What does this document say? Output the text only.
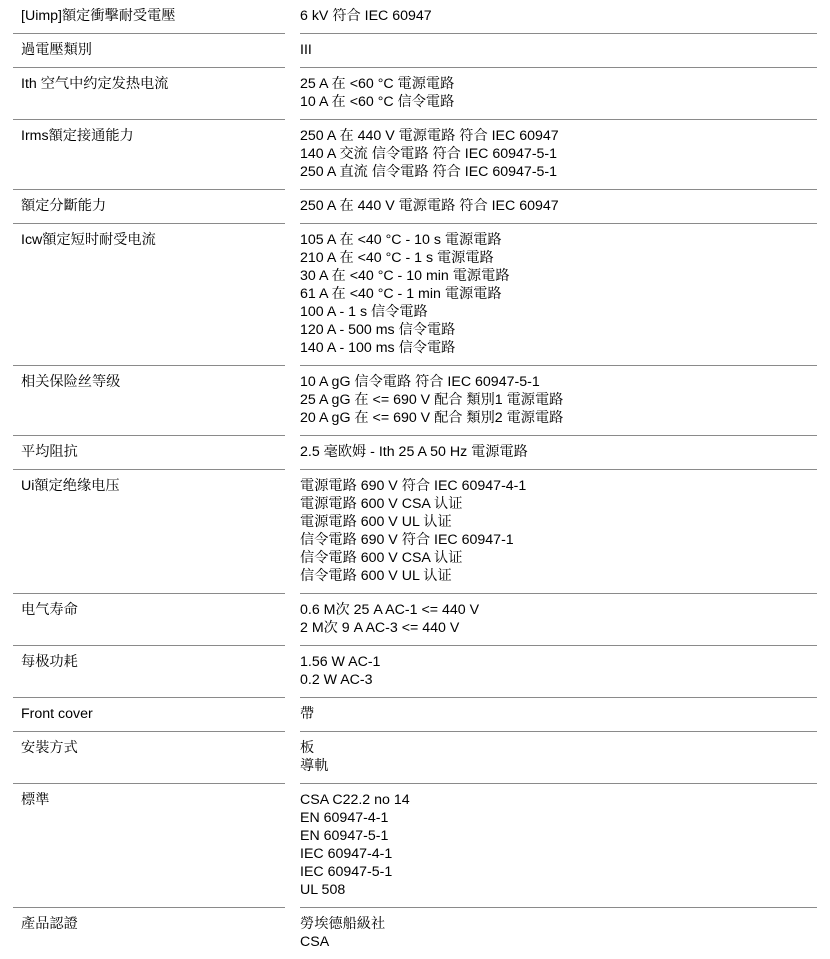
[Uimp]額定衝擊耐受電壓	6 kV 符合 IEC 60947
過電壓類別	III
Ith 空气中约定发热电流	25 A 在 <60 °C 電源電路
10 A 在 <60 °C 信令電路
Irms額定接通能力	250 A 在 440 V 電源電路 符合 IEC 60947
140 A 交流 信令電路 符合 IEC 60947-5-1
250 A 直流 信令電路 符合 IEC 60947-5-1
額定分斷能力	250 A 在 440 V 電源電路 符合 IEC 60947
Icw額定短时耐受电流	105 A 在 <40 °C - 10 s 電源電路
210 A 在 <40 °C - 1 s 電源電路
30 A 在 <40 °C - 10 min 電源電路
61 A 在 <40 °C - 1 min 電源電路
100 A - 1 s 信令電路
120 A - 500 ms 信令電路
140 A - 100 ms 信令電路
相关保险丝等级	10 A gG 信令電路 符合 IEC 60947-5-1
25 A gG 在 <= 690 V 配合 類別1 電源電路
20 A gG 在 <= 690 V 配合 類別2 電源電路
平均阻抗	2.5 毫欧姆 - Ith 25 A 50 Hz 電源電路
Ui額定绝缘电压	電源電路 690 V 符合 IEC 60947-4-1
電源電路 600 V CSA 认证
電源電路 600 V UL 认证
信令電路 690 V 符合 IEC 60947-1
信令電路 600 V CSA 认证
信令電路 600 V UL 认证
电气寿命	0.6 M次 25 A AC-1 <= 440 V
2 M次 9 A AC-3 <= 440 V
每极功耗	1.56 W AC-1
0.2 W AC-3
Front cover	帶
安裝方式	板
導軌
標準	CSA C22.2 no 14
EN 60947-4-1
EN 60947-5-1
IEC 60947-4-1
IEC 60947-5-1
UL 508
產品認證	勞埃德船級社
CSA
